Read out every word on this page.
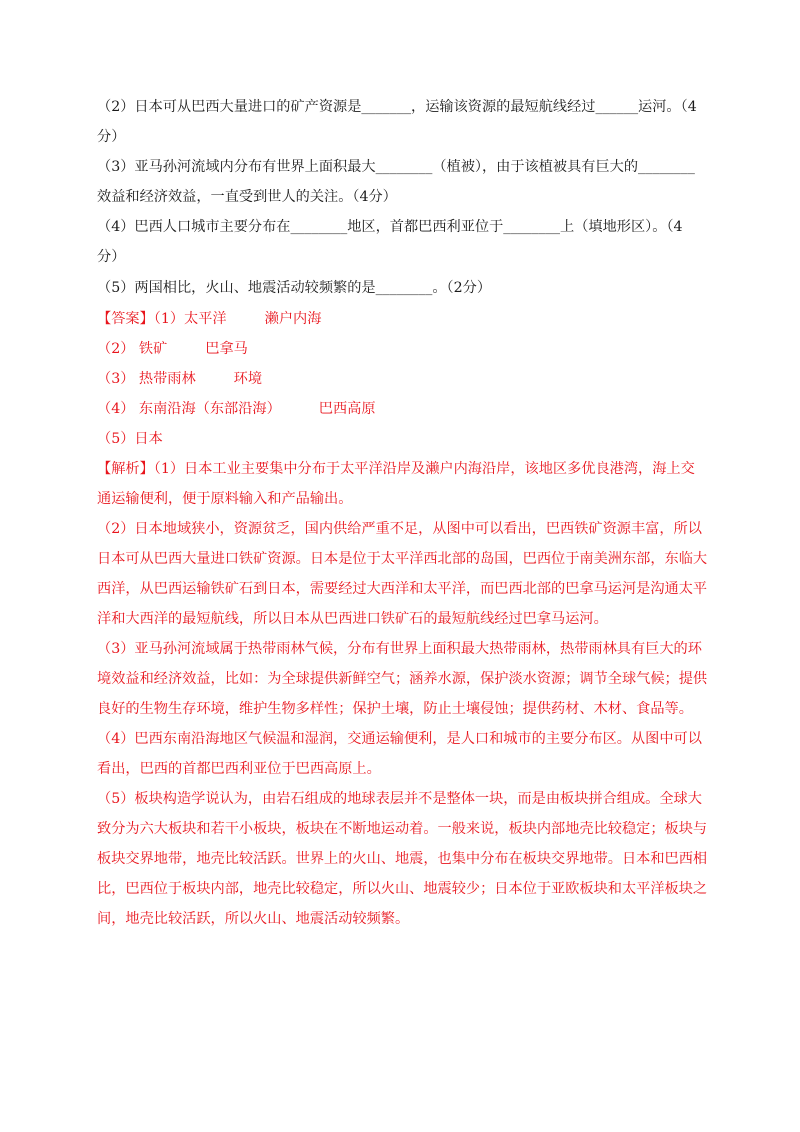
（2）日本可从巴西大量进口的矿产资源是_______，运输该资源的最短航线经过______运河。（4
分）
（3）亚马孙河流域内分布有世界上面积最大________（植被），由于该植被具有巨大的________
效益和经济效益，一直受到世人的关注。（4分）
（4）巴西人口城市主要分布在________地区，首都巴西利亚位于________上（填地形区）。（4
分）
（5）两国相比，火山、地震活动较频繁的是________。（2分）
【答案】（1）太平洋	濑户内海
（2） 铁矿	巴拿马
（3） 热带雨林	环境
（4） 东南沿海（东部沿海）	巴西高原
（5）日本
【解析】（1）日本工业主要集中分布于太平洋沿岸及濑户内海沿岸，该地区多优良港湾，海上交
通运输便利，便于原料输入和产品输出。
（2）日本地域狭小，资源贫乏，国内供给严重不足，从图中可以看出，巴西铁矿资源丰富，所以
日本可从巴西大量进口铁矿资源。日本是位于太平洋西北部的岛国，巴西位于南美洲东部，东临大
西洋，从巴西运输铁矿石到日本，需要经过大西洋和太平洋，而巴西北部的巴拿马运河是沟通太平
洋和大西洋的最短航线，所以日本从巴西进口铁矿石的最短航线经过巴拿马运河。
（3）亚马孙河流域属于热带雨林气候，分布有世界上面积最大热带雨林，热带雨林具有巨大的环
境效益和经济效益，比如：为全球提供新鲜空气；涵养水源，保护淡水资源；调节全球气候；提供
良好的生物生存环境，维护生物多样性；保护土壤，防止土壤侵蚀；提供药材、木材、食品等。
（4）巴西东南沿海地区气候温和湿润，交通运输便利，是人口和城市的主要分布区。从图中可以
看出，巴西的首都巴西利亚位于巴西高原上。
（5）板块构造学说认为，由岩石组成的地球表层并不是整体一块，而是由板块拼合组成。全球大
致分为六大板块和若干小板块，板块在不断地运动着。一般来说，板块内部地壳比较稳定；板块与
板块交界地带，地壳比较活跃。世界上的火山、地震，也集中分布在板块交界地带。日本和巴西相
比，巴西位于板块内部，地壳比较稳定，所以火山、地震较少；日本位于亚欧板块和太平洋板块之
间，地壳比较活跃，所以火山、地震活动较频繁。
